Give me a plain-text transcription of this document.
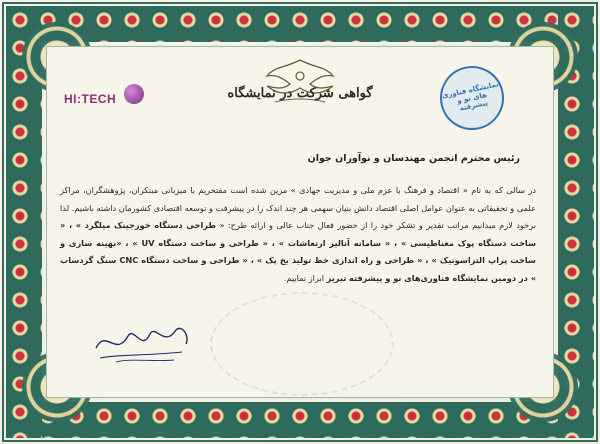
HI:TECH	نمایشگاه فناوری های نو و پیشرفته
گواهی شرکت در نمایشگاه
رئیس محترم انجمن مهندسان و نوآوران جوان

در سالی که به نام « اقتصاد و فرهنگ با عزم ملی و مدیریت جهادی » مزین شده است مفتخریم با میزبانی مبتکران، پژوهشگران، مراکز علمی و تحقیقاتی به عنوان عوامل اصلی اقتصاد دانش بنیان سهمی هر چند اندک را در پیشرفت و توسعه اقتصادی کشورمان داشته باشیم. لذا برخود لازم میدانیم مراتب تقدیر و تشکر خود را از حضور فعال جناب عالی و ارائه طرح: « طراحی دستگاه خورجینک میلگرد » ، « ساخت دستگاه پوک مغناطیسی » ، « سامانه آنالیز ارتعاشات » ، « طراحی و ساخت دستگاه UV » ، «بهینه سازی و ساخت پراپ التراسونیک » ، « طراحی و راه اندازی خط تولید یخ پک » ، « طراحی و ساخت دستگاه CNC سنگ گردساب » در دومین نمایشگاه فناوری‌های نو و پیشرفته تبریز ابراز نماییم.
